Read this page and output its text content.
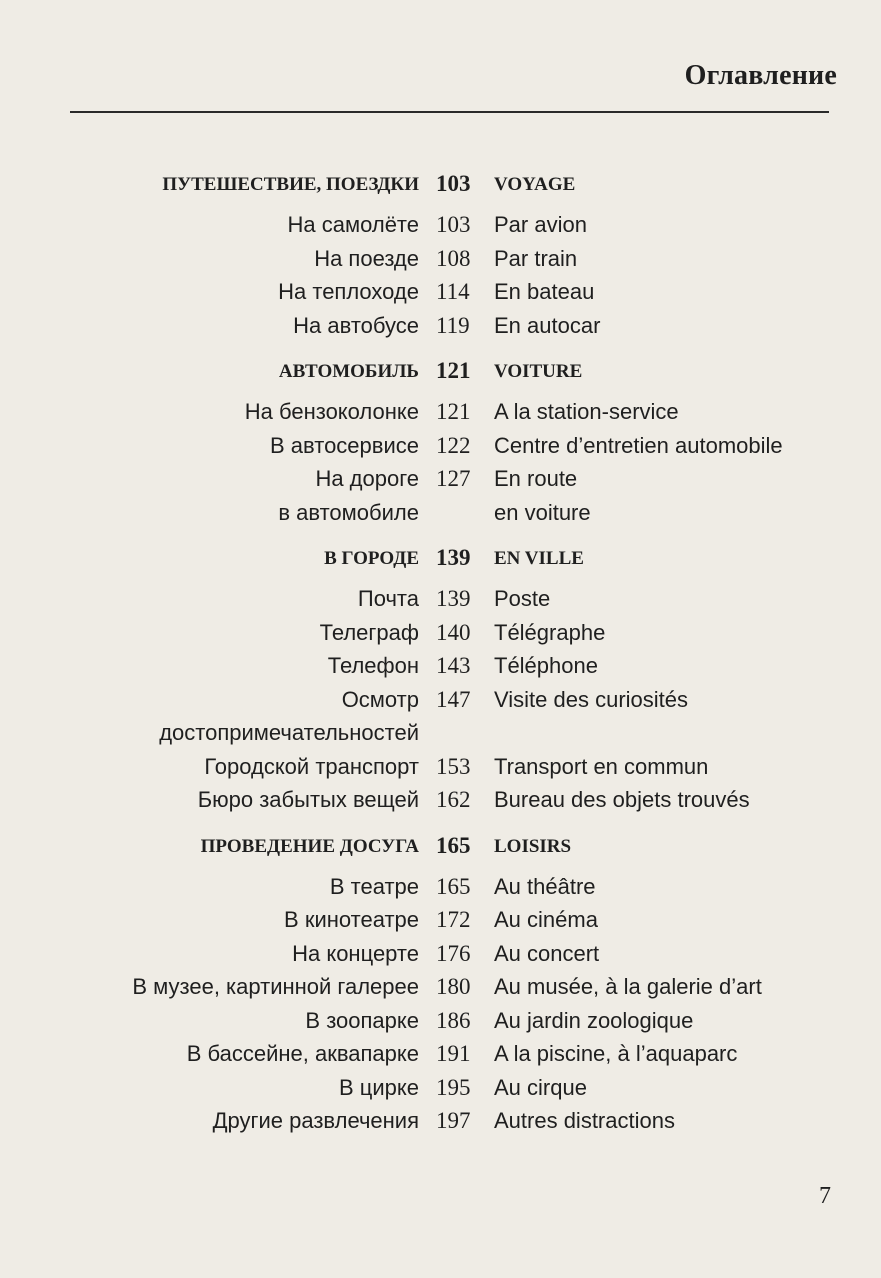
Оглавление
ПУТЕШЕСТВИЕ, ПОЕЗДКИ 103 VOYAGE
На самолёте 103 Par avion
На поезде 108 Par train
На теплоходе 114 En bateau
На автобусе 119 En autocar
АВТОМОБИЛЬ 121 VOITURE
На бензоколонке 121 A la station-service
В автосервисе 122 Centre d’entretien automobile
На дороге 127 En route
в автомобиле	en voiture
В ГОРОДЕ 139 EN VILLE
Почта 139 Poste
Телеграф 140 Télégraphe
Телефон 143 Téléphone
Осмотр 147 Visite des curiosités
достопримечательностей
Городской транспорт 153 Transport en commun
Бюро забытых вещей 162 Bureau des objets trouvés
ПРОВЕДЕНИЕ ДОСУГА 165 LOISIRS
В театре 165 Au théâtre
В кинотеатре 172 Au cinéma
На концерте 176 Au concert
В музее, картинной галерее 180 Au musée, à la galerie d’art
В зоопарке 186 Au jardin zoologique
В бассейне, аквапарке 191 A la piscine, à l’aquaparc
В цирке 195 Au cirque
Другие развлечения 197 Autres distractions
7
